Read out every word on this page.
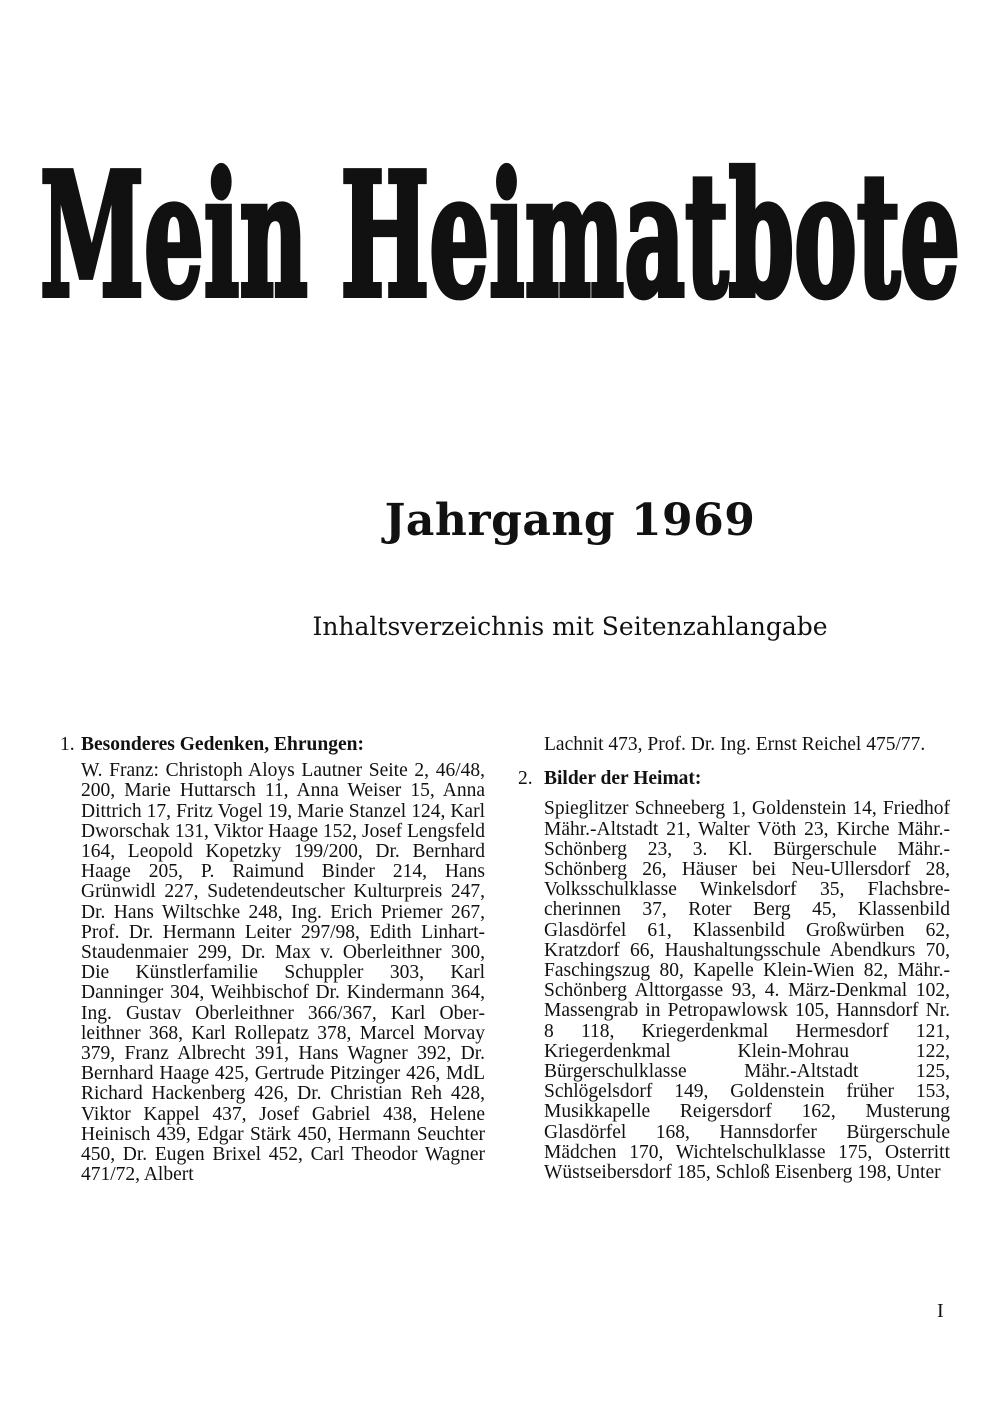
Mein Heimatbote
Jahrgang 1969
Inhaltsverzeichnis mit Seitenzahlangabe
1. Besonderes Gedenken, Ehrungen:
W. Franz: Christoph Aloys Lautner Seite 2, 46/48, 200, Marie Huttarsch 11, Anna Weiser 15, Anna Dittrich 17, Fritz Vogel 19, Marie Stanzel 124, Karl Dworschak 131, Viktor Haage 152, Josef Lengsfeld 164, Leopold Kopetzky 199/200, Dr. Bernhard Haage 205, P. Raimund Binder 214, Hans Grünwidl 227, Sudetendeutscher Kulturpreis 247, Dr. Hans Wiltschke 248, Ing. Erich Priemer 267, Prof. Dr. Hermann Leiter 297/98, Edith Linhart-Staudenmaier 299, Dr. Max v. Oberleithner 300, Die Künstlerfamilie Schuppler 303, Karl Danninger 304, Weihbischof Dr. Kindermann 364, Ing. Gustav Oberleithner 366/367, Karl Oberleithner 368, Karl Rollepatz 378, Marcel Morvay 379, Franz Albrecht 391, Hans Wagner 392, Dr. Bernhard Haage 425, Gertrude Pitzinger 426, MdL Richard Hackenberg 426, Dr. Christian Reh 428, Viktor Kappel 437, Josef Gabriel 438, Helene Heinisch 439, Edgar Stärk 450, Hermann Seuchter 450, Dr. Eugen Brixel 452, Carl Theodor Wagner 471/72, Albert
Lachnit 473, Prof. Dr. Ing. Ernst Reichel 475/77.
2. Bilder der Heimat:
Spieglitzer Schneeberg 1, Goldenstein 14, Friedhof Mähr.-Altstadt 21, Walter Vöth 23, Kirche Mähr.-Schönberg 23, 3. Kl. Bürgerschule Mähr.-Schönberg 26, Häuser bei Neu-Ullersdorf 28, Volksschulklasse Winkelsdorf 35, Flachsbrecherinnen 37, Roter Berg 45, Klassenbild Glasdörfel 61, Klassenbild Großwürben 62, Kratzdorf 66, Haushaltungsschule Abendkurs 70, Faschingszug 80, Kapelle Klein-Wien 82, Mähr.-Schönberg Alttorgasse 93, 4. März-Denkmal 102, Massengrab in Petropawlowsk 105, Hannsdorf Nr. 8 118, Kriegerdenkmal Hermesdorf 121, Kriegerdenkmal Klein-Mohrau 122, Bürgerschulklasse Mähr.-Altstadt 125, Schlögelsdorf 149, Goldenstein früher 153, Musikkapelle Reigersdorf 162, Musterung Glasdörfel 168, Hannsdorfer Bürgerschule Mädchen 170, Wichtelschulklasse 175, Osterritt Wüstseibersdorf 185, Schloß Eisenberg 198, Unter
I
